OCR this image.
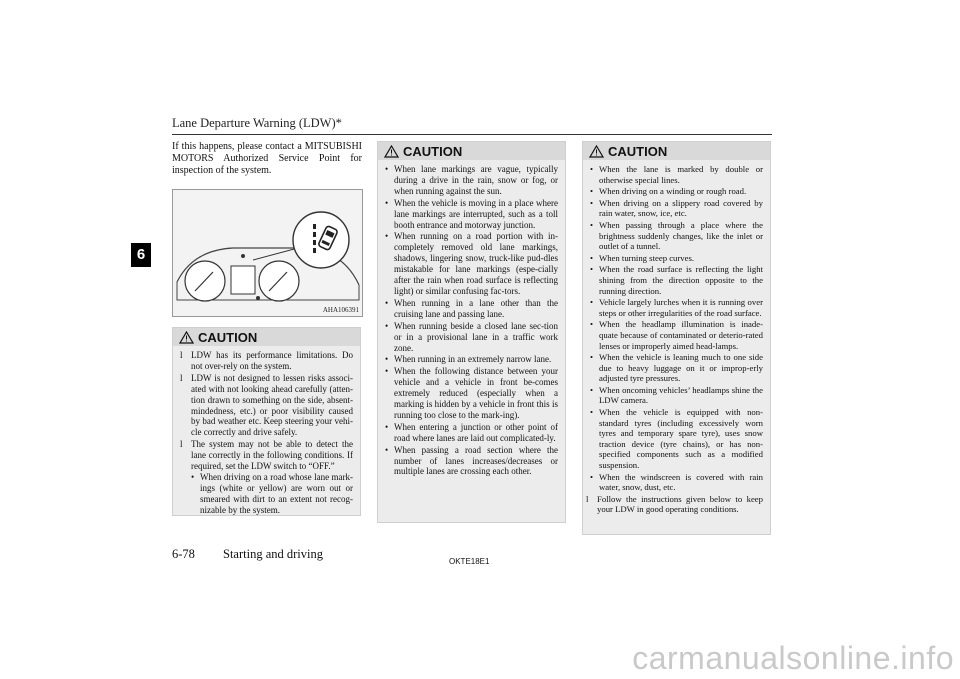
Lane Departure Warning (LDW)*
6
If this happens, please contact a MITSUBISHI MOTORS Authorized Service Point for inspection of the system.
AHA106391
CAUTION
l LDW has its performance limitations. Do not over-rely on the system.
l LDW is not designed to lessen risks associ-ated with not looking ahead carefully (atten-tion drawn to something on the side, absent-mindedness, etc.) or poor visibility caused by bad weather etc. Keep steering your vehi-cle correctly and drive safely.
l The system may not be able to detect the lane correctly in the following conditions. If required, set the LDW switch to “OFF.”
• When driving on a road whose lane mark-ings (white or yellow) are worn out or smeared with dirt to an extent not recog-nizable by the system.
CAUTION
• When lane markings are vague, typically during a drive in the rain, snow or fog, or when running against the sun.
• When the vehicle is moving in a place where lane markings are interrupted, such as a toll booth entrance and motorway junction.
• When running on a road portion with in-completely removed old lane markings, shadows, lingering snow, truck-like pud-dles mistakable for lane markings (espe-cially after the rain when road surface is reflecting light) or similar confusing fac-tors.
• When running in a lane other than the cruising lane and passing lane.
• When running beside a closed lane sec-tion or in a provisional lane in a traffic work zone.
• When running in an extremely narrow lane.
• When the following distance between your vehicle and a vehicle in front be-comes extremely reduced (especially when a marking is hidden by a vehicle in front this is running too close to the mark-ing).
• When entering a junction or other point of road where lanes are laid out complicated-ly.
• When passing a road section where the number of lanes increases/decreases or multiple lanes are crossing each other.
CAUTION
• When the lane is marked by double or otherwise special lines.
• When driving on a winding or rough road.
• When driving on a slippery road covered by rain water, snow, ice, etc.
• When passing through a place where the brightness suddenly changes, like the inlet or outlet of a tunnel.
• When turning steep curves.
• When the road surface is reflecting the light shining from the direction opposite to the running direction.
• Vehicle largely lurches when it is running over steps or other irregularities of the road surface.
• When the headlamp illumination is inade-quate because of contaminated or deterio-rated lenses or improperly aimed head-lamps.
• When the vehicle is leaning much to one side due to heavy luggage on it or improp-erly adjusted tyre pressures.
• When oncoming vehicles’ headlamps shine the LDW camera.
• When the vehicle is equipped with non-standard tyres (including excessively worn tyres and temporary spare tyre), uses snow traction device (tyre chains), or has non-specified components such as a modified suspension.
• When the windscreen is covered with rain water, snow, dust, etc.
l Follow the instructions given below to keep your LDW in good operating conditions.
6-78 Starting and driving
OKTE18E1
carmanualsonline.info
